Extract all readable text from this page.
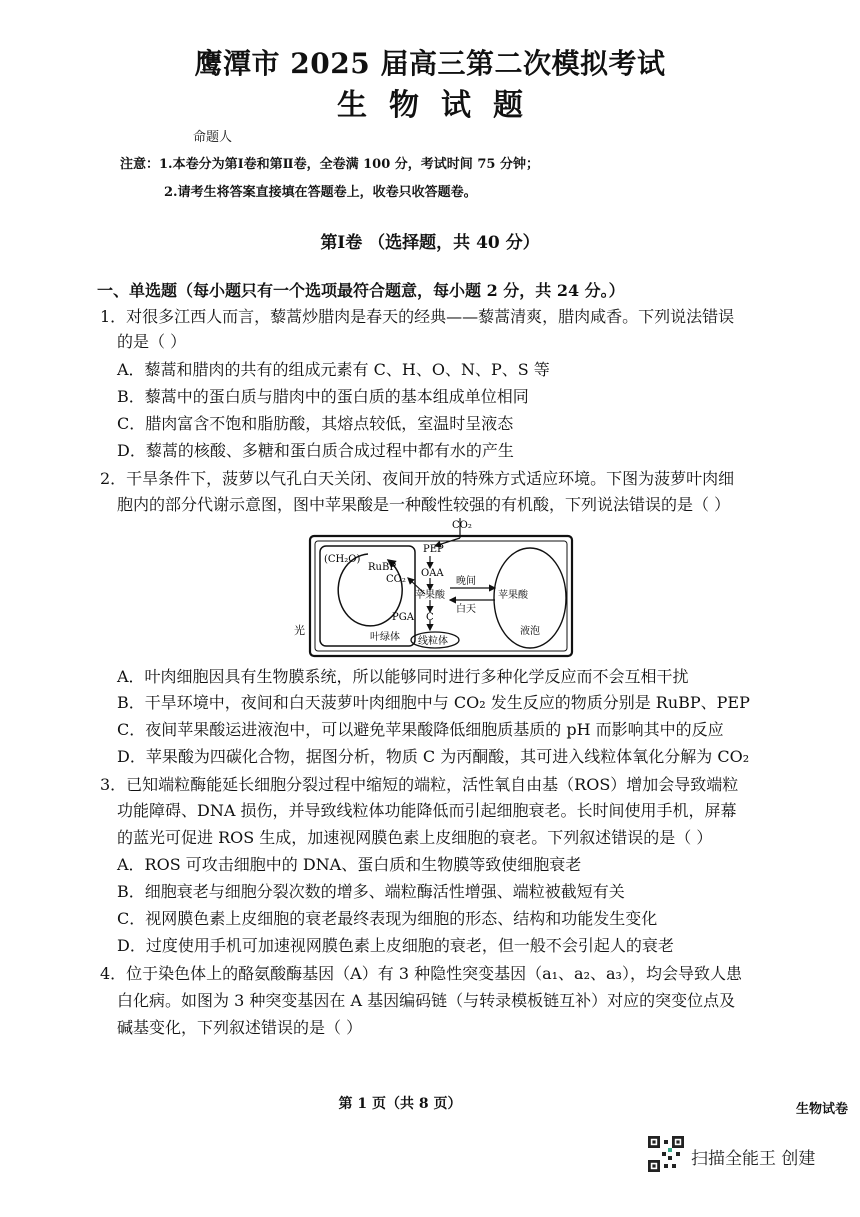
鹰潭市 2025 届高三第二次模拟考试
生物试题
命题人
注意：1.本卷分为第Ⅰ卷和第Ⅱ卷，全卷满 100 分，考试时间 75 分钟；
2.请考生将答案直接填在答题卷上，收卷只收答题卷。
第Ⅰ卷 （选择题，共 40 分）
一、单选题（每小题只有一个选项最符合题意，每小题 2 分，共 24 分。）
1．对很多江西人而言，藜蒿炒腊肉是春天的经典——藜蒿清爽，腊肉咸香。下列说法错误
的是（ ）
A．藜蒿和腊肉的共有的组成元素有 C、H、O、N、P、S 等
B．藜蒿中的蛋白质与腊肉中的蛋白质的基本组成单位相同
C．腊肉富含不饱和脂肪酸，其熔点较低，室温时呈液态
D．藜蒿的核酸、多糖和蛋白质合成过程中都有水的产生
2．干旱条件下，菠萝以气孔白天关闭、夜间开放的特殊方式适应环境。下图为菠萝叶肉细
胞内的部分代谢示意图，图中苹果酸是一种酸性较强的有机酸，下列说法错误的是（ ）
CO₂
PEP
OAA
(CH₂O)
RuBP
CO₂
苹果酸
晚间
白天
苹果酸
C
PGA
光
叶绿体 线粒体
液泡
A．叶肉细胞因具有生物膜系统，所以能够同时进行多种化学反应而不会互相干扰
B．干旱环境中，夜间和白天菠萝叶肉细胞中与 CO₂ 发生反应的物质分别是 RuBP、PEP
C．夜间苹果酸运进液泡中，可以避免苹果酸降低细胞质基质的 pH 而影响其中的反应
D．苹果酸为四碳化合物，据图分析，物质 C 为丙酮酸，其可进入线粒体氧化分解为 CO₂
3．已知端粒酶能延长细胞分裂过程中缩短的端粒，活性氧自由基（ROS）增加会导致端粒
功能障碍、DNA 损伤，并导致线粒体功能降低而引起细胞衰老。长时间使用手机，屏幕
的蓝光可促进 ROS 生成，加速视网膜色素上皮细胞的衰老。下列叙述错误的是（ ）
A．ROS 可攻击细胞中的 DNA、蛋白质和生物膜等致使细胞衰老
B．细胞衰老与细胞分裂次数的增多、端粒酶活性增强、端粒被截短有关
C．视网膜色素上皮细胞的衰老最终表现为细胞的形态、结构和功能发生变化
D．过度使用手机可加速视网膜色素上皮细胞的衰老，但一般不会引起人的衰老
4．位于染色体上的酪氨酸酶基因（A）有 3 种隐性突变基因（a₁、a₂、a₃），均会导致人患
白化病。如图为 3 种突变基因在 A 基因编码链（与转录模板链互补）对应的突变位点及
碱基变化，下列叙述错误的是（ ）
第 1 页（共 8 页）	生物试卷
扫描全能王 创建
